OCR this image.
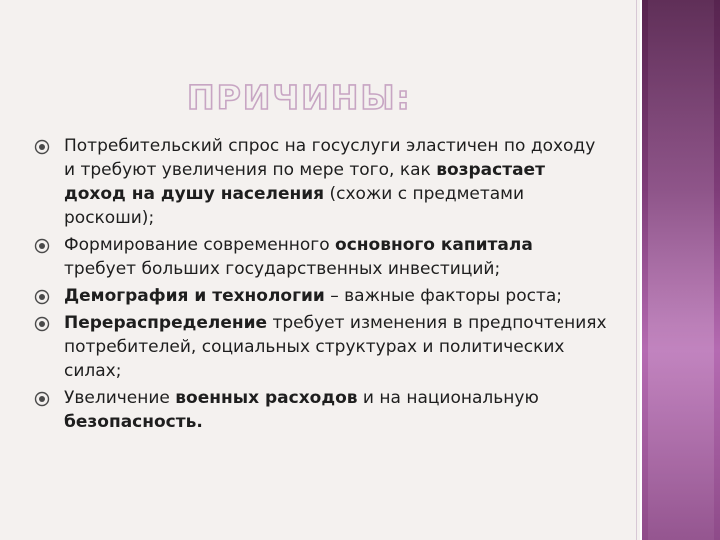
ПРИЧИНЫ:
Потребительский спрос на госуслуги эластичен по доходу и требуют увеличения по мере того, как возрастает доход на душу населения (схожи с предметами роскоши);
Формирование современного основного капитала требует больших государственных инвестиций;
Демография и технологии – важные факторы роста;
Перераспределение требует изменения в предпочтениях потребителей, социальных структурах и политических силах;
Увеличение военных расходов и на национальную безопасность.
